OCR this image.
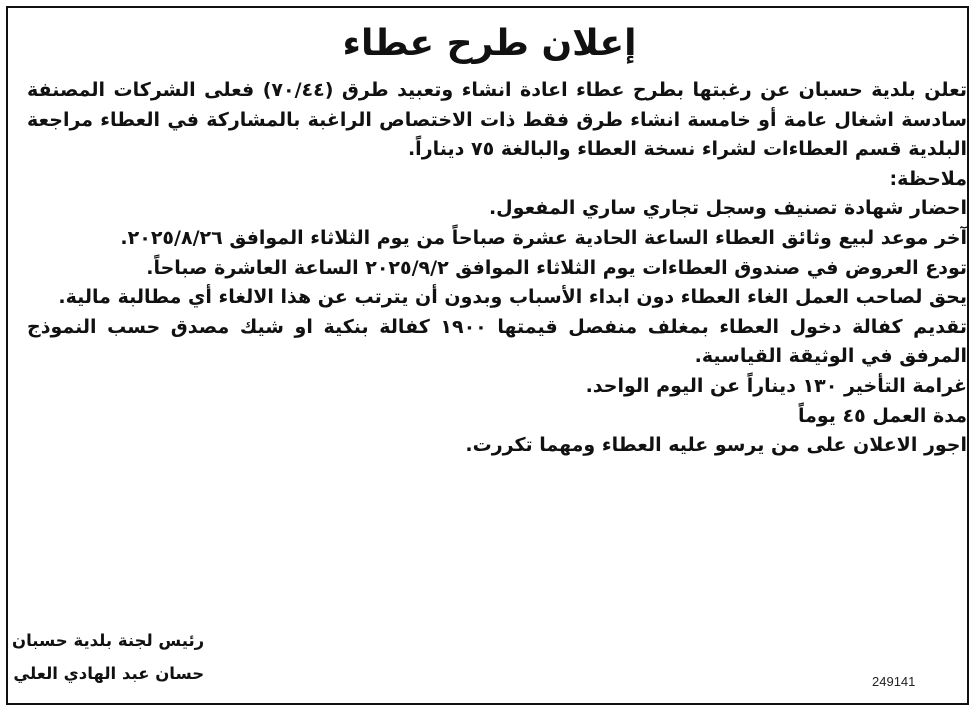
إعلان طرح عطاء

تعلن بلدية حسبان عن رغبتها بطرح عطاء اعادة انشاء وتعبيد طرق (٧٠/٤٤) فعلى الشركات المصنفة سادسة اشغال عامة أو خامسة انشاء طرق فقط ذات الاختصاص الراغبة بالمشاركة في العطاء مراجعة البلدية قسم العطاءات لشراء نسخة العطاء والبالغة ٧٥ ديناراً.

ملاحظة:

احضار شهادة تصنيف وسجل تجاري ساري المفعول.

آخر موعد لبيع وثائق العطاء الساعة الحادية عشرة صباحاً من يوم الثلاثاء الموافق ٢٠٢٥/٨/٢٦.

تودع العروض في صندوق العطاءات يوم الثلاثاء الموافق ٢٠٢٥/٩/٢ الساعة العاشرة صباحاً.

يحق لصاحب العمل الغاء العطاء دون ابداء الأسباب وبدون أن يترتب عن هذا الالغاء أي مطالبة مالية.

تقديم كفالة دخول العطاء بمغلف منفصل قيمتها ١٩٠٠ كفالة بنكية او شيك مصدق حسب النموذج المرفق في الوثيقة القياسية.

غرامة التأخير ١٣٠ ديناراً عن اليوم الواحد.

مدة العمل ٤٥ يوماً

اجور الاعلان على من يرسو عليه العطاء ومهما تكررت.

رئيس لجنة بلدية حسبان
حسان عبد الهادي العلي	249141
